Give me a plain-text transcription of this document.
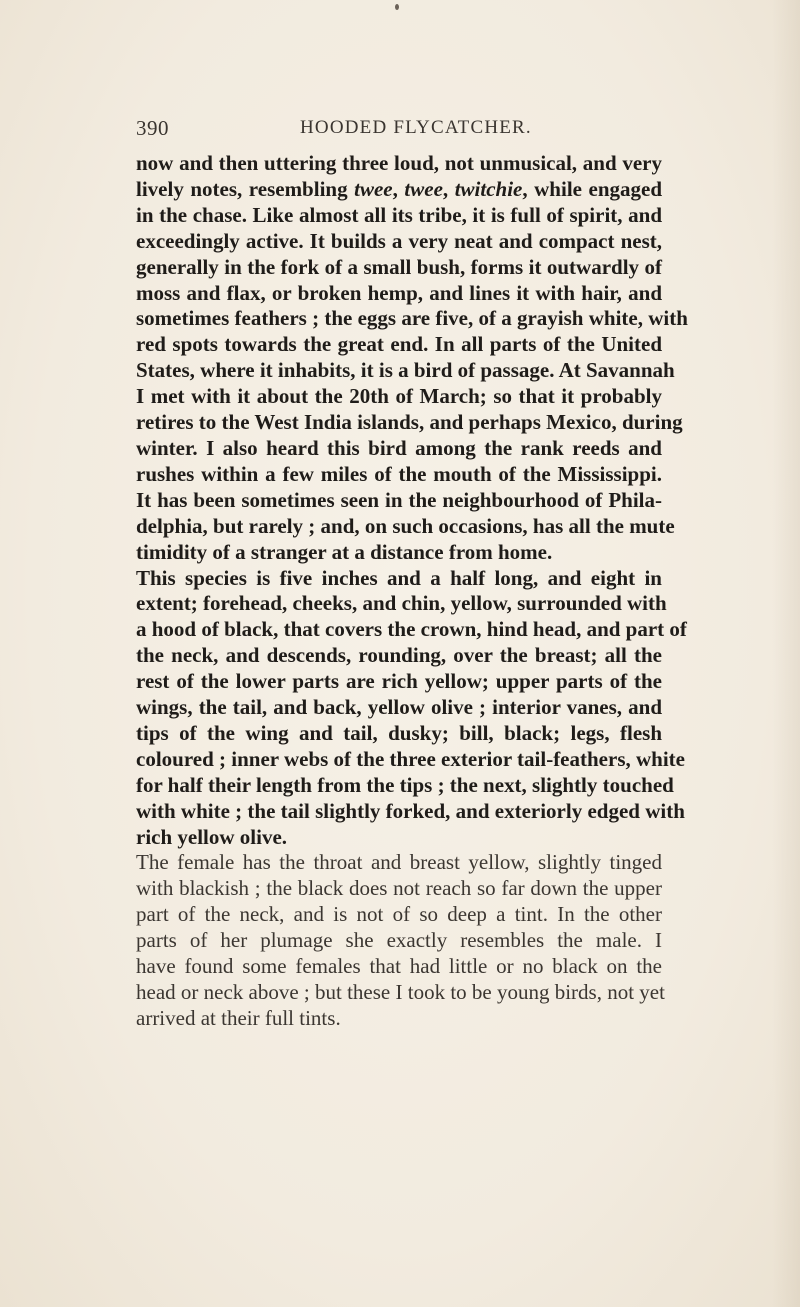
390	HOODED FLYCATCHER.

now and then uttering three loud, not unmusical, and very
lively notes, resembling twee, twee, twitchie, while engaged
in the chase. Like almost all its tribe, it is full of spirit, and
exceedingly active. It builds a very neat and compact nest,
generally in the fork of a small bush, forms it outwardly of
moss and flax, or broken hemp, and lines it with hair, and
sometimes feathers ; the eggs are five, of a grayish white, with
red spots towards the great end. In all parts of the United
States, where it inhabits, it is a bird of passage. At Savannah
I met with it about the 20th of March; so that it probably
retires to the West India islands, and perhaps Mexico, during
winter. I also heard this bird among the rank reeds and
rushes within a few miles of the mouth of the Mississippi.
It has been sometimes seen in the neighbourhood of Phila-
delphia, but rarely ; and, on such occasions, has all the mute
timidity of a stranger at a distance from home.

This species is five inches and a half long, and eight in
extent; forehead, cheeks, and chin, yellow, surrounded with
a hood of black, that covers the crown, hind head, and part of
the neck, and descends, rounding, over the breast; all the
rest of the lower parts are rich yellow; upper parts of the
wings, the tail, and back, yellow olive ; interior vanes, and
tips of the wing and tail, dusky; bill, black; legs, flesh
coloured ; inner webs of the three exterior tail-feathers, white
for half their length from the tips ; the next, slightly touched
with white ; the tail slightly forked, and exteriorly edged with
rich yellow olive.

The female has the throat and breast yellow, slightly tinged
with blackish ; the black does not reach so far down the upper
part of the neck, and is not of so deep a tint. In the other
parts of her plumage she exactly resembles the male. I
have found some females that had little or no black on the
head or neck above ; but these I took to be young birds, not yet
arrived at their full tints.
